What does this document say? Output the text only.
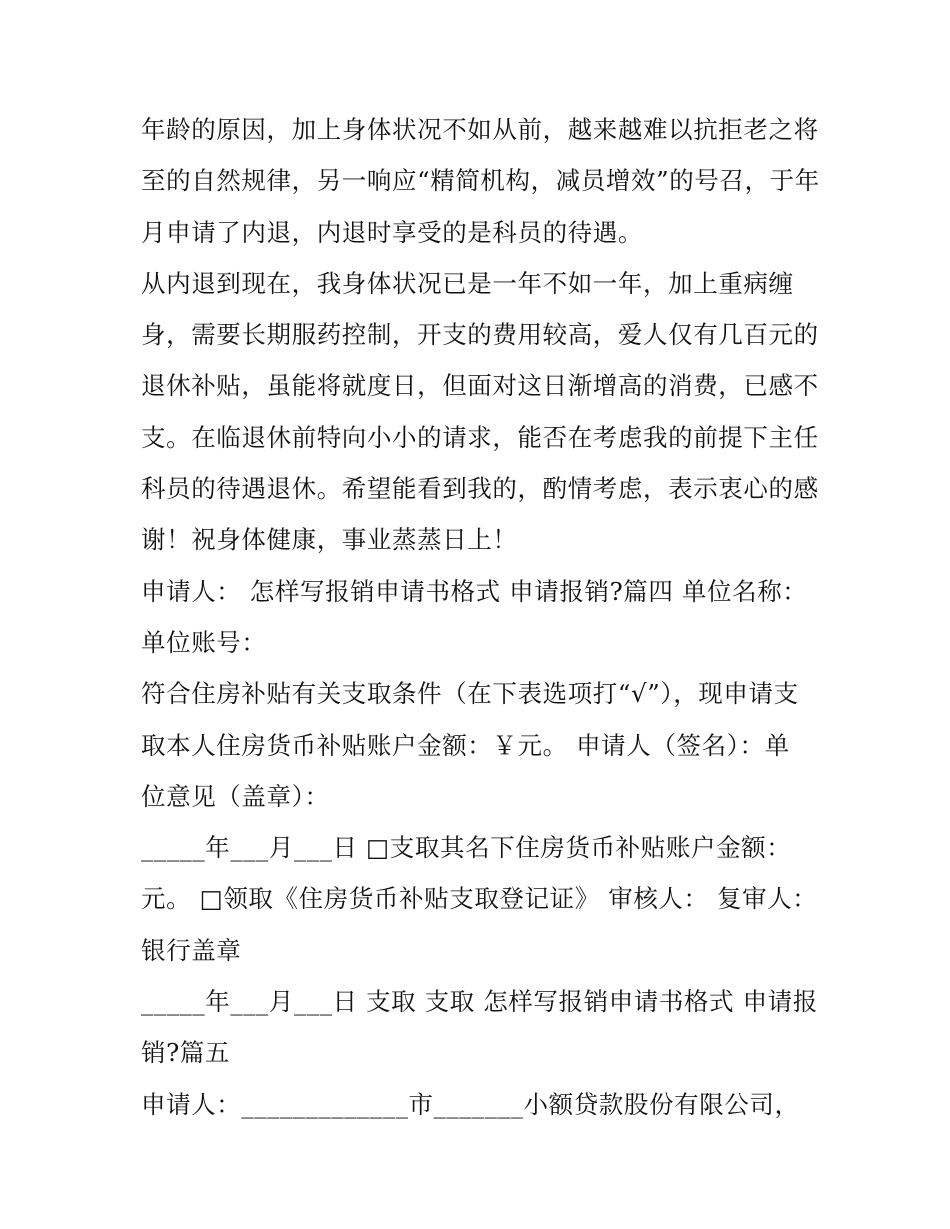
年龄的原因，加上身体状况不如从前，越来越难以抗拒老之将
至的自然规律，另一响应“精简机构，减员增效”的号召，于年
月申请了内退，内退时享受的是科员的待遇。
从内退到现在，我身体状况已是一年不如一年，加上重病缠
身，需要长期服药控制，开支的费用较高，爱人仅有几百元的
退休补贴，虽能将就度日，但面对这日渐增高的消费，已感不
支。在临退休前特向小小的请求，能否在考虑我的前提下主任
科员的待遇退休。希望能看到我的，酌情考虑，表示衷心的感
谢！祝身体健康，事业蒸蒸日上！
申请人： 怎样写报销申请书格式 申请报销?篇四 单位名称：
单位账号：
符合住房补贴有关支取条件（在下表选项打“√”），现申请支
取本人住房货币补贴账户金额：￥元。 申请人（签名）：单
位意见（盖章）：
_____年___月___日 □支取其名下住房货币补贴账户金额：
元。 □领取《住房货币补贴支取登记证》 审核人： 复审人：
银行盖章
_____年___月___日 支取 支取 怎样写报销申请书格式 申请报
销?篇五
申请人：_____________市_______小额贷款股份有限公司，
